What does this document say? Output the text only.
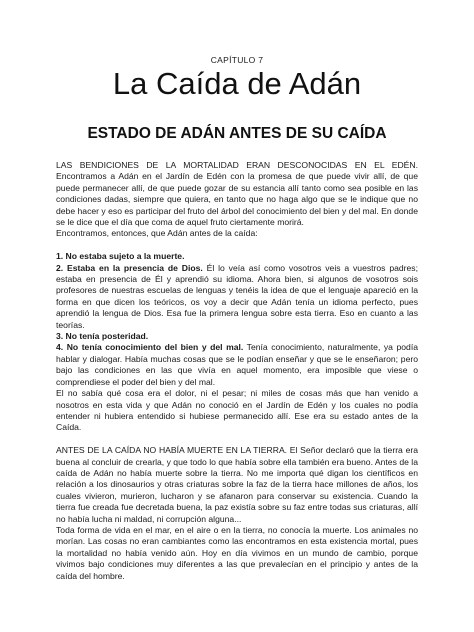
CAPÍTULO 7
La Caída de Adán
ESTADO DE ADÁN ANTES DE SU CAÍDA

LAS BENDICIONES DE LA MORTALIDAD ERAN DESCONOCIDAS EN EL EDÉN. Encontramos a Adán en el Jardín de Edén con la promesa de que puede vivir allí, de que puede permanecer allí, de que puede gozar de su estancia allí tanto como sea posible en las condiciones dadas, siempre que quiera, en tanto que no haga algo que se le indique que no debe hacer y eso es participar del fruto del árbol del conocimiento del bien y del mal. En donde se le dice que el día que coma de aquel fruto ciertamente morirá.

Encontramos, entonces, que Adán antes de la caída:

1. No estaba sujeto a la muerte.

2. Estaba en la presencia de Dios. Él lo veía así como vosotros veis a vuestros padres; estaba en presencia de Él y aprendió su idioma. Ahora bien, si algunos de vosotros sois profesores de nuestras escuelas de lenguas y tenéis la idea de que el lenguaje apareció en la forma en que dicen los teóricos, os voy a decir que Adán tenía un idioma perfecto, pues aprendió la lengua de Dios. Esa fue la primera lengua sobre esta tierra. Eso en cuanto a las teorías.

3. No tenía posteridad.

4. No tenía conocimiento del bien y del mal. Tenía conocimiento, naturalmente, ya podía hablar y dialogar. Había muchas cosas que se le podían enseñar y que se le enseñaron; pero bajo las condiciones en las que vivía en aquel momento, era imposible que viese o comprendiese el poder del bien y del mal.

El no sabía qué cosa era el dolor, ni el pesar; ni miles de cosas más que han venido a nosotros en esta vida y que Adán no conoció en el Jardín de Edén y los cuales no podía entender ni hubiera entendido si hubiese permanecido allí. Ese era su estado antes de la Caída.

ANTES DE LA CAÍDA NO HABÍA MUERTE EN LA TIERRA. El Señor declaró que la tierra era buena al concluir de crearla, y que todo lo que había sobre ella también era bueno. Antes de la caída de Adán no había muerte sobre la tierra. No me importa qué digan los científicos en relación a los dinosaurios y otras criaturas sobre la faz de la tierra hace millones de años, los cuales vivieron, murieron, lucharon y se afanaron para conservar su existencia. Cuando la tierra fue creada fue decretada buena, la paz existía sobre su faz entre todas sus criaturas, allí no había lucha ni maldad, ni corrupción alguna...

Toda forma de vida en el mar, en el aire o en la tierra, no conocía la muerte. Los animales no morían. Las cosas no eran cambiantes como las encontramos en esta existencia mortal, pues la mortalidad no había venido aún. Hoy en día vivimos en un mundo de cambio, porque vivimos bajo condiciones muy diferentes a las que prevalecían en el principio y antes de la caída del hombre.
